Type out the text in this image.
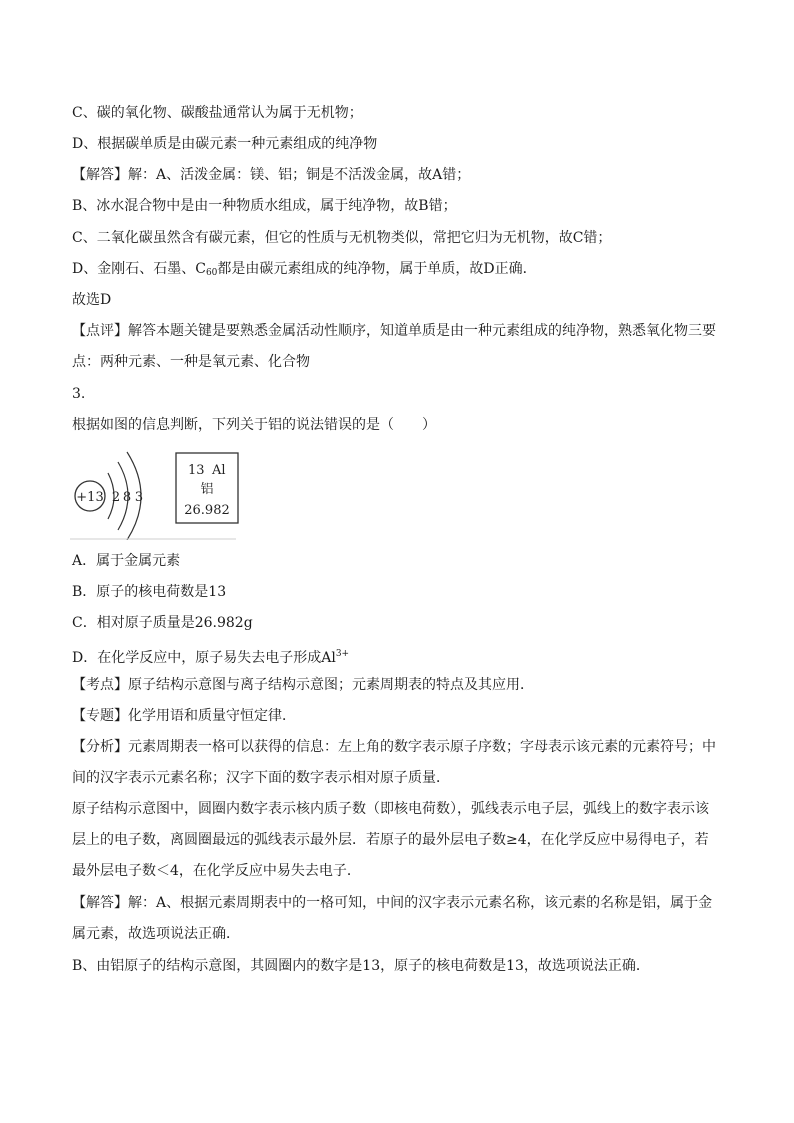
C、碳的氧化物、碳酸盐通常认为属于无机物；
D、根据碳单质是由碳元素一种元素组成的纯净物
【解答】解：A、活泼金属：镁、铝；铜是不活泼金属，故A错；
B、冰水混合物中是由一种物质水组成，属于纯净物，故B错；
C、二氧化碳虽然含有碳元素，但它的性质与无机物类似，常把它归为无机物，故C错；
D、金刚石、石墨、$C_{60}$都是由碳元素组成的纯净物，属于单质，故D正确．
故选D
【点评】解答本题关键是要熟悉金属活动性顺序，知道单质是由一种元素组成的纯净物，熟悉氧化物三要
点：两种元素、一种是氧元素、化合物
3.
根据如图的信息判断，下列关于铝的说法错误的是（　　）
+13 2 8 3
13 Al
铝
26.982
A．属于金属元素
B．原子的核电荷数是13
C．相对原子质量是26.982g
D．在化学反应中，原子易失去电子形成$Al^{3+}$
【考点】原子结构示意图与离子结构示意图；元素周期表的特点及其应用．
【专题】化学用语和质量守恒定律．
【分析】元素周期表一格可以获得的信息：左上角的数字表示原子序数；字母表示该元素的元素符号；中
间的汉字表示元素名称；汉字下面的数字表示相对原子质量．
原子结构示意图中，圆圈内数字表示核内质子数（即核电荷数），弧线表示电子层，弧线上的数字表示该
层上的电子数，离圆圈最远的弧线表示最外层．若原子的最外层电子数≥4，在化学反应中易得电子，若
最外层电子数＜4，在化学反应中易失去电子．
【解答】解：A、根据元素周期表中的一格可知，中间的汉字表示元素名称，该元素的名称是铝，属于金
属元素，故选项说法正确．
B、由铝原子的结构示意图，其圆圈内的数字是13，原子的核电荷数是13，故选项说法正确．
